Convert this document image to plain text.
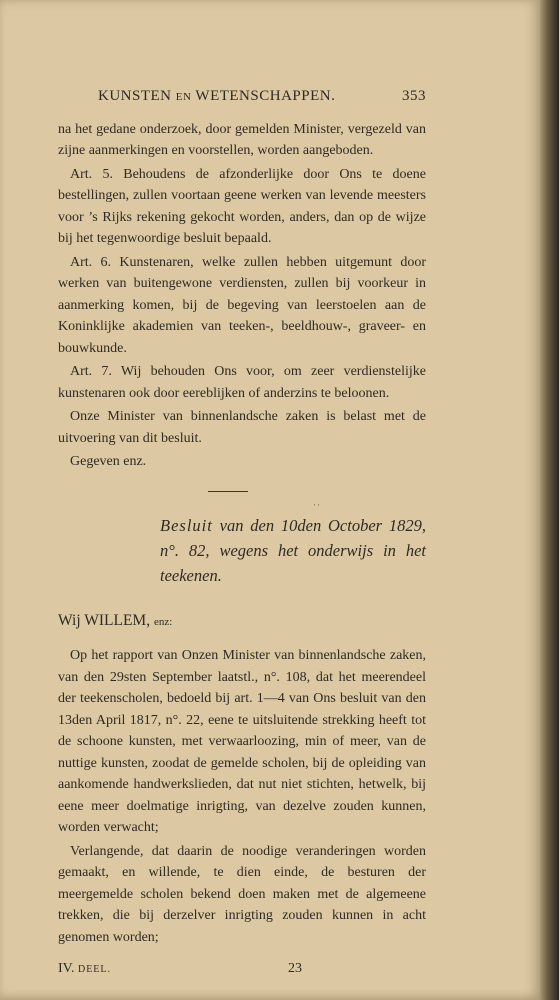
KUNSTEN EN WETENSCHAPPEN.	353

na het gedane onderzoek, door gemelden Minister, vergezeld van zijne aanmerkingen en voorstellen, worden aangeboden.

Art. 5. Behoudens de afzonderlijke door Ons te doene bestellingen, zullen voortaan geene werken van levende meesters voor ’s Rijks rekening gekocht worden, anders, dan op de wijze bij het tegenwoordige besluit bepaald.

Art. 6. Kunstenaren, welke zullen hebben uitgemunt door werken van buitengewone verdiensten, zullen bij voorkeur in aanmerking komen, bij de begeving van leerstoelen aan de Koninklijke akademien van teeken-, beeldhouw-, graveer- en bouwkunde.

Art. 7. Wij behouden Ons voor, om zeer verdienstelijke kunstenaren ook door eereblijken of anderzins te beloonen.

Onze Minister van binnenlandsche zaken is belast met de uitvoering van dit besluit.

Gegeven enz.

··
Besluit van den 10den October 1829, n°. 82, wegens het onderwijs in het teekenen.
Wij WILLEM, enz:

Op het rapport van Onzen Minister van binnenlandsche zaken, van den 29sten September laatstl., n°. 108, dat het meerendeel der teekenscholen, bedoeld bij art. 1—4 van Ons besluit van den 13den April 1817, n°. 22, eene te uitsluitende strekking heeft tot de schoone kunsten, met verwaarloozing, min of meer, van de nuttige kunsten, zoodat de gemelde scholen, bij de opleiding van aankomende handwerkslieden, dat nut niet stichten, hetwelk, bij eene meer doelmatige inrigting, van dezelve zouden kunnen, worden verwacht;

Verlangende, dat daarin de noodige veranderingen worden gemaakt, en willende, te dien einde, de besturen der meergemelde scholen bekend doen maken met de algemeene trekken, die bij derzelver inrigting zouden kunnen in acht genomen worden;

IV. DEEL.	23
